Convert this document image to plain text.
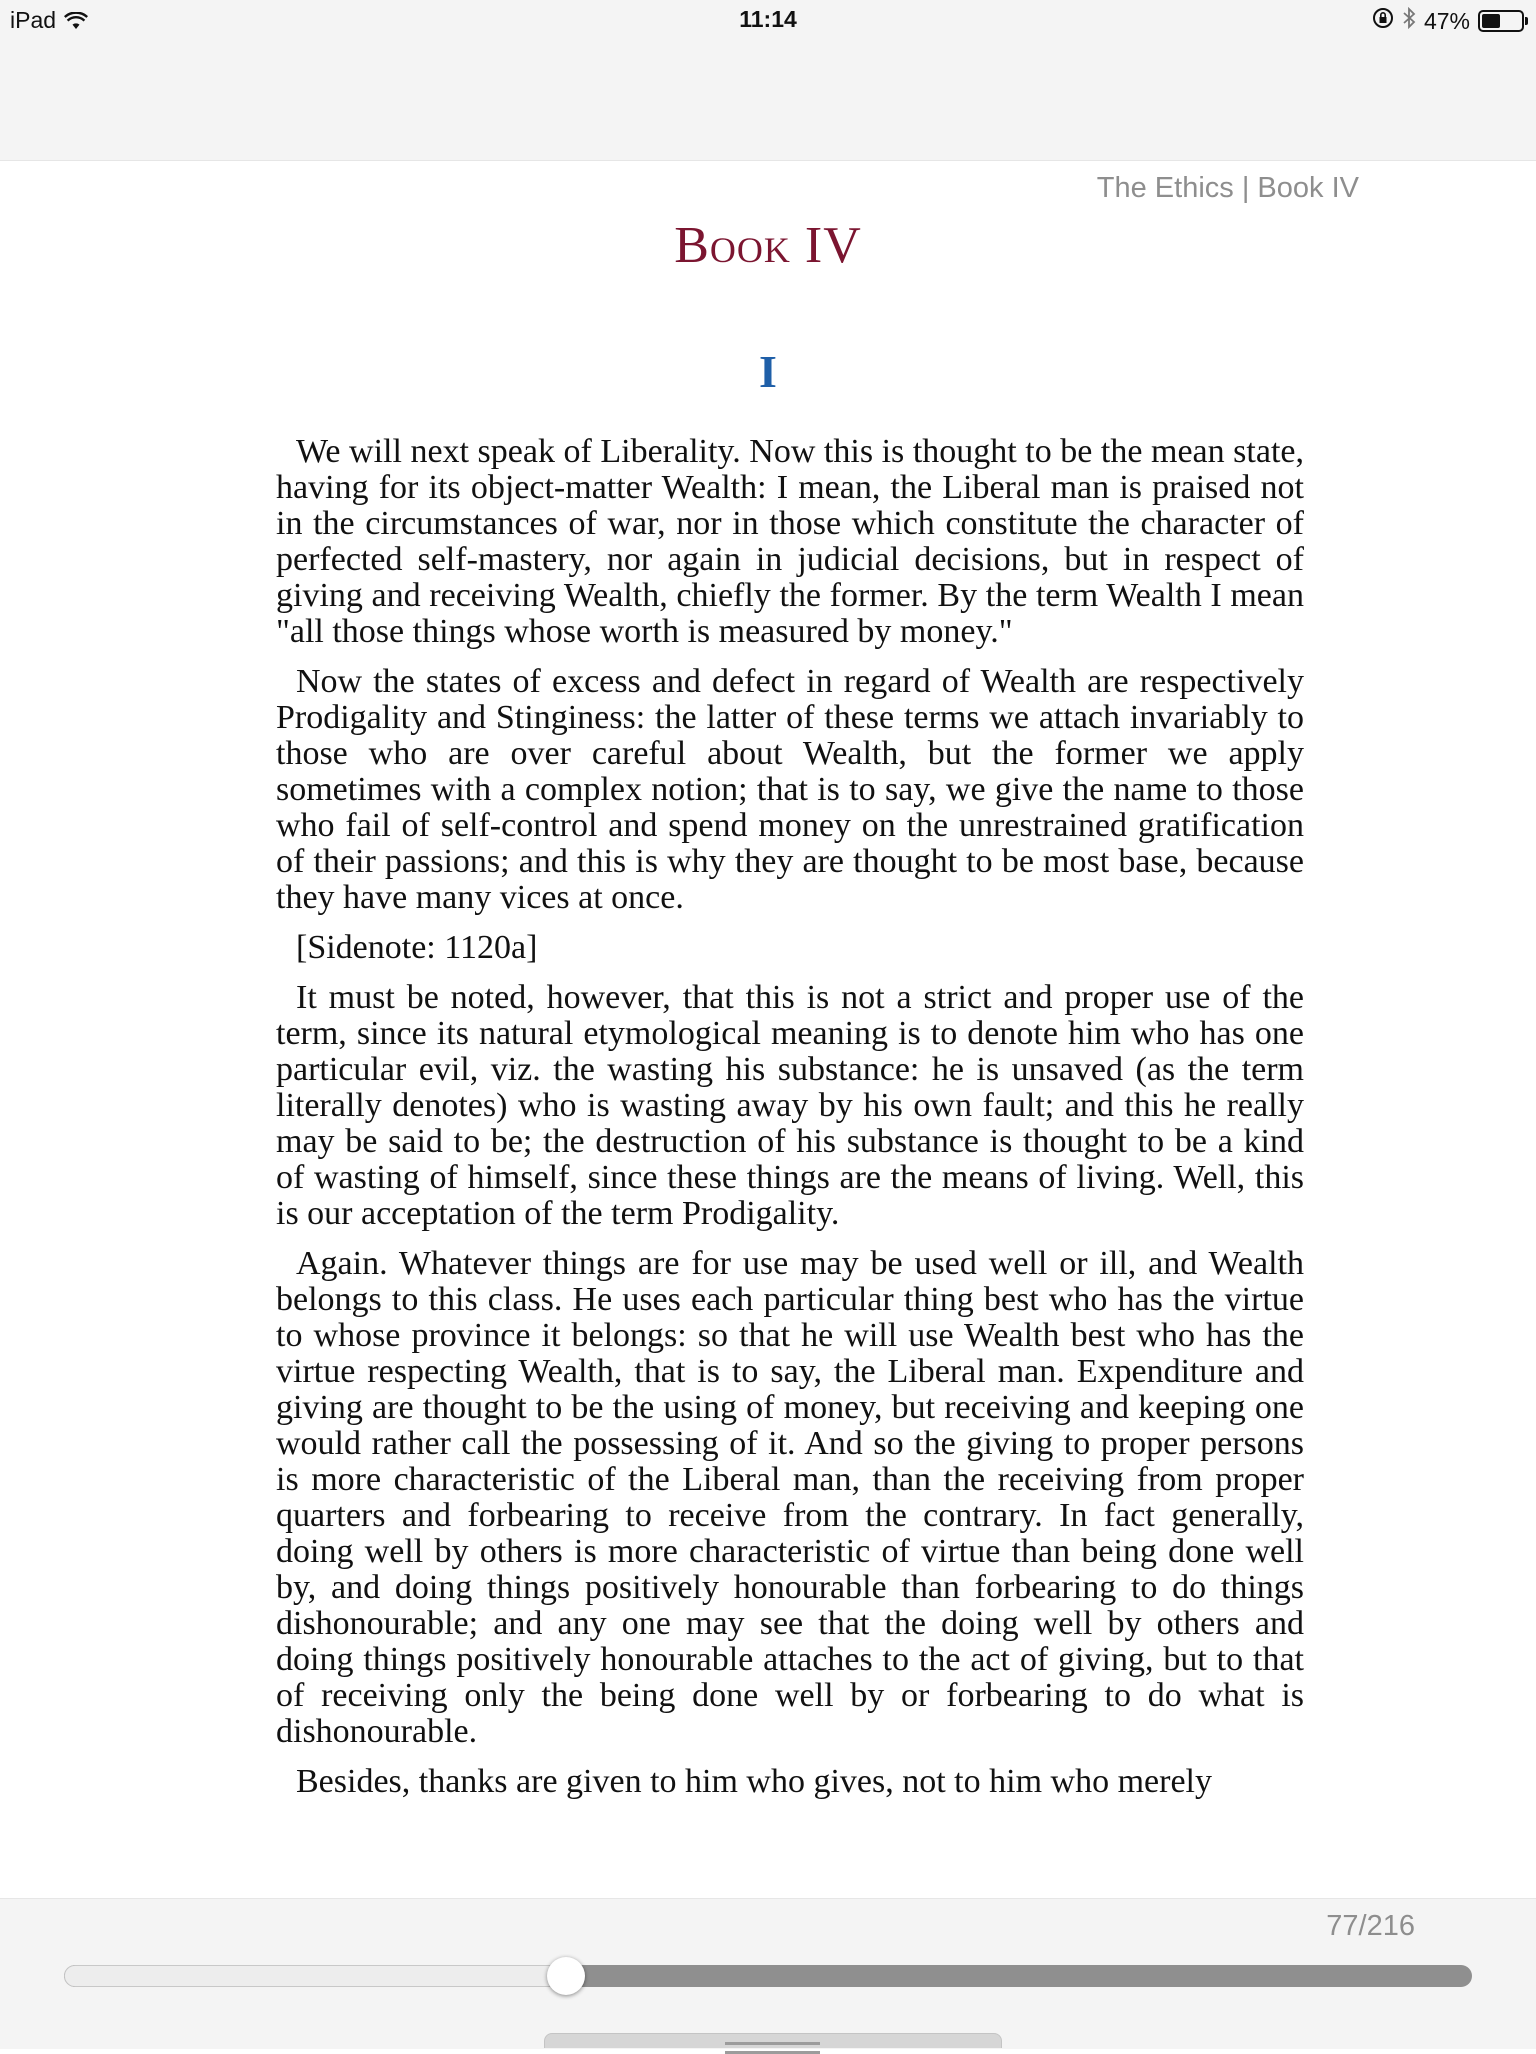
iPad	11:14	47%
The Ethics | Book IV
Book IV
I

We will next speak of Liberality. Now this is thought to be the mean state, having for its object-matter Wealth: I mean, the Liberal man is praised not in the circumstances of war, nor in those which constitute the character of perfected self-mastery, nor again in judicial decisions, but in respect of giving and receiving Wealth, chiefly the former. By the term Wealth I mean "all those things whose worth is measured by money."

Now the states of excess and defect in regard of Wealth are respectively Prodigality and Stinginess: the latter of these terms we attach invariably to those who are over careful about Wealth, but the former we apply sometimes with a complex notion; that is to say, we give the name to those who fail of self-control and spend money on the unrestrained gratification of their passions; and this is why they are thought to be most base, because they have many vices at once.

[Sidenote: 1120a]

It must be noted, however, that this is not a strict and proper use of the term, since its natural etymological meaning is to denote him who has one particular evil, viz. the wasting his substance: he is unsaved (as the term literally denotes) who is wasting away by his own fault; and this he really may be said to be; the destruction of his substance is thought to be a kind of wasting of himself, since these things are the means of living. Well, this is our acceptation of the term Prodigality.

Again. Whatever things are for use may be used well or ill, and Wealth belongs to this class. He uses each particular thing best who has the virtue to whose province it belongs: so that he will use Wealth best who has the virtue respecting Wealth, that is to say, the Liberal man. Expenditure and giving are thought to be the using of money, but receiving and keeping one would rather call the possessing of it. And so the giving to proper persons is more characteristic of the Liberal man, than the receiving from proper quarters and forbearing to receive from the contrary. In fact generally, doing well by others is more characteristic of virtue than being done well by, and doing things positively honourable than forbearing to do things dishonourable; and any one may see that the doing well by others and doing things positively honourable attaches to the act of giving, but to that of receiving only the being done well by or forbearing to do what is dishonourable.

Besides, thanks are given to him who gives, not to him who merely

77/216
